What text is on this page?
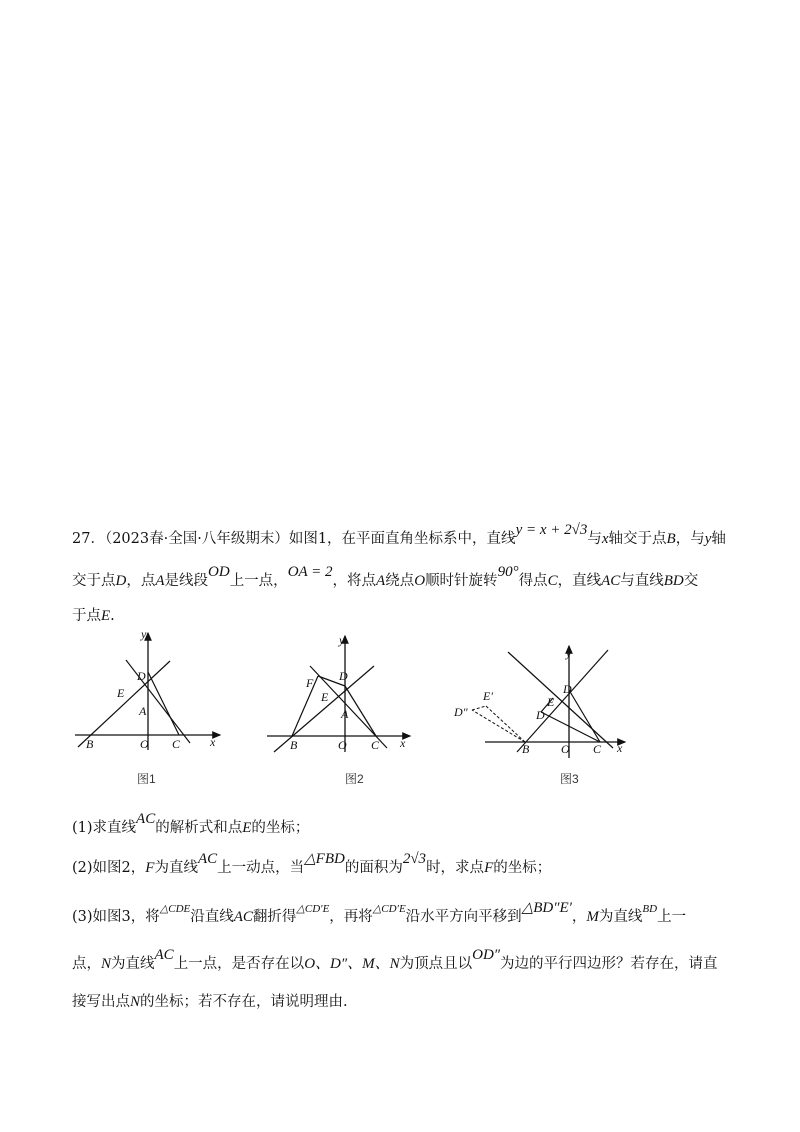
27．（2023春·全国·八年级期末）如图1，在平面直角坐标系中，直线y = x + 2√3与x轴交于点B，与y轴
交于点D，点A是线段OD上一点，OA = 2，将点A绕点O顺时针旋转90°得点C，直线AC与直线BD交
于点E.
y
x
D
E
A
B	O C
图1
y
x
F D
E
A
B	O C
图2
y
x
E′
D″
D
E
D
B	O C
图3
(1)求直线AC的解析式和点E的坐标；
(2)如图2，F为直线AC上一动点，当△FBD的面积为2√3时，求点F的坐标；
(3)如图3，将$^{\triangle CDE}$沿直线AC翻折得$^{\triangle CD'E}$，再将$^{\triangle CD'E}$沿水平方向平移到△BD″E′，M为直线$^{BD}$上一
点，N为直线AC上一点，是否存在以O、D″、M、N为顶点且以OD″为边的平行四边形？若存在，请直
接写出点N的坐标；若不存在，请说明理由.
